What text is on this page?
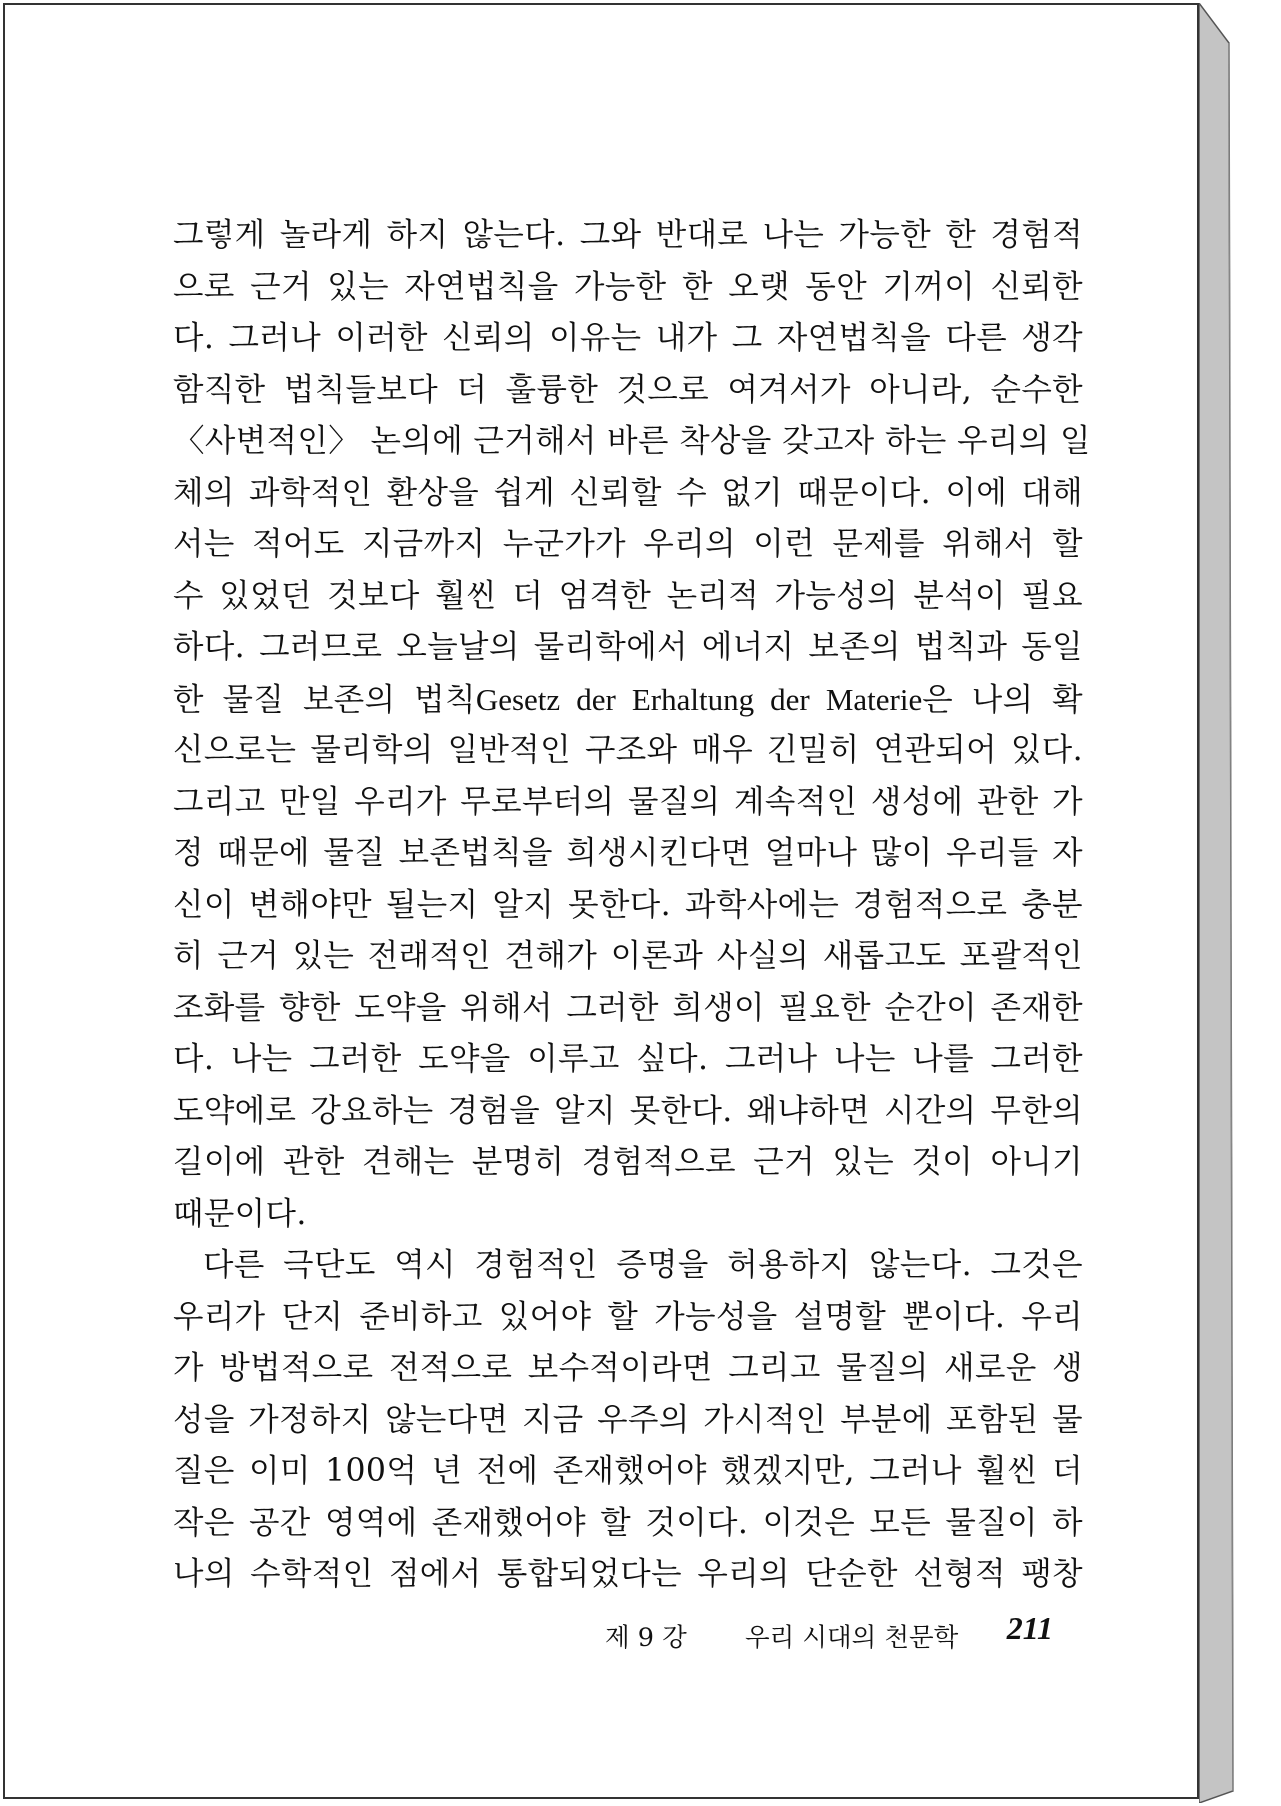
그렇게 놀라게 하지 않는다. 그와 반대로 나는 가능한 한 경험적
으로 근거 있는 자연법칙을 가능한 한 오랫 동안 기꺼이 신뢰한
다. 그러나 이러한 신뢰의 이유는 내가 그 자연법칙을 다른 생각
함직한 법칙들보다 더 훌륭한 것으로 여겨서가 아니라, 순수한
〈사변적인〉 논의에 근거해서 바른 착상을 갖고자 하는 우리의 일
체의 과학적인 환상을 쉽게 신뢰할 수 없기 때문이다. 이에 대해
서는 적어도 지금까지 누군가가 우리의 이런 문제를 위해서 할
수 있었던 것보다 훨씬 더 엄격한 논리적 가능성의 분석이 필요
하다. 그러므로 오늘날의 물리학에서 에너지 보존의 법칙과 동일
한 물질 보존의 법칙Gesetz der Erhaltung der Materie은 나의 확
신으로는 물리학의 일반적인 구조와 매우 긴밀히 연관되어 있다.
그리고 만일 우리가 무로부터의 물질의 계속적인 생성에 관한 가
정 때문에 물질 보존법칙을 희생시킨다면 얼마나 많이 우리들 자
신이 변해야만 될는지 알지 못한다. 과학사에는 경험적으로 충분
히 근거 있는 전래적인 견해가 이론과 사실의 새롭고도 포괄적인
조화를 향한 도약을 위해서 그러한 희생이 필요한 순간이 존재한
다. 나는 그러한 도약을 이루고 싶다. 그러나 나는 나를 그러한
도약에로 강요하는 경험을 알지 못한다. 왜냐하면 시간의 무한의
길이에 관한 견해는 분명히 경험적으로 근거 있는 것이 아니기
때문이다.
다른 극단도 역시 경험적인 증명을 허용하지 않는다. 그것은
우리가 단지 준비하고 있어야 할 가능성을 설명할 뿐이다. 우리
가 방법적으로 전적으로 보수적이라면 그리고 물질의 새로운 생
성을 가정하지 않는다면 지금 우주의 가시적인 부분에 포함된 물
질은 이미 100억 년 전에 존재했어야 했겠지만, 그러나 훨씬 더
작은 공간 영역에 존재했어야 할 것이다. 이것은 모든 물질이 하
나의 수학적인 점에서 통합되었다는 우리의 단순한 선형적 팽창
제 9 강 우리 시대의 천문학 211
